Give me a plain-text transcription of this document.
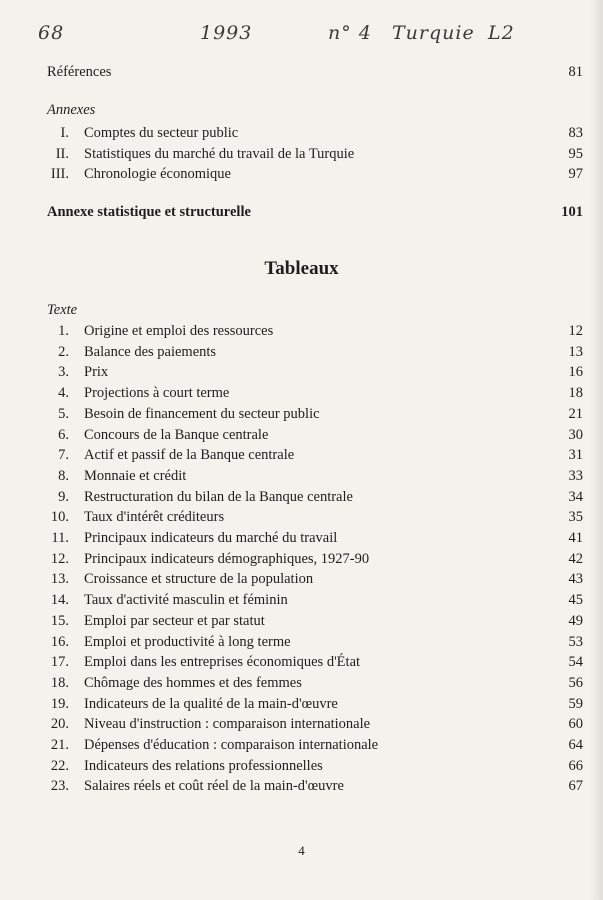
68	1993	n° 4 Turquie L2
Références	81
Annexes
I. Comptes du secteur public	83
II. Statistiques du marché du travail de la Turquie	95
III. Chronologie économique	97
Annexe statistique et structurelle	101
Tableaux
Texte
1. Origine et emploi des ressources	12
2. Balance des paiements	13
3. Prix	16
4. Projections à court terme	18
5. Besoin de financement du secteur public	21
6. Concours de la Banque centrale	30
7. Actif et passif de la Banque centrale	31
8. Monnaie et crédit	33
9. Restructuration du bilan de la Banque centrale	34
10. Taux d'intérêt créditeurs	35
11. Principaux indicateurs du marché du travail	41
12. Principaux indicateurs démographiques, 1927-90	42
13. Croissance et structure de la population	43
14. Taux d'activité masculin et féminin	45
15. Emploi par secteur et par statut	49
16. Emploi et productivité à long terme	53
17. Emploi dans les entreprises économiques d'État	54
18. Chômage des hommes et des femmes	56
19. Indicateurs de la qualité de la main-d'œuvre	59
20. Niveau d'instruction : comparaison internationale	60
21. Dépenses d'éducation : comparaison internationale	64
22. Indicateurs des relations professionnelles	66
23. Salaires réels et coût réel de la main-d'œuvre	67
4
